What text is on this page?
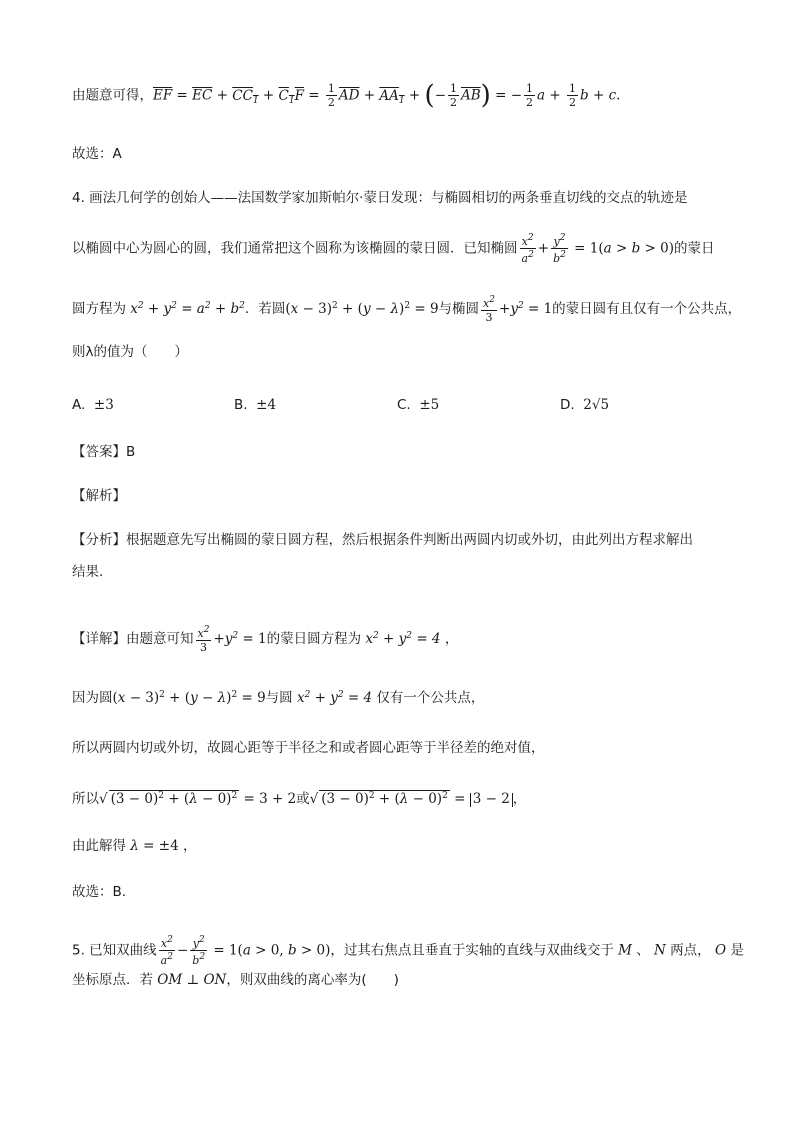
由题意可得，$\overline{EF} = \overline{EC} + CC_1 + C_1F = \frac{1}{2} \overline{AD} + AA_1$ + (− $\frac{1}{2} \overline{AB}$) = − $\frac{1}{2}$ $a + \frac{1}{2}$ b + c.
故选：A
4. 画法几何学的创始人——法国数学家加斯帕尔·蒙日发现：与椭圆相切的两条垂直切线的交点的轨迹是
以椭圆中心为圆心的圆，我们通常把这个圆称为该椭圆的蒙日圆．已知椭圆 $\frac{x^2}{a^2} + \frac{y^2}{b^2} = 1(a > b > 0)$的蒙日
圆方程为 $x^2 + y^2 = a^2 + b^2$．若圆$(x - 3)^2 + (y - \lambda)^2 = 9$与椭圆 $\frac{x^2}{3} +y^2 = 1$的蒙日圆有且仅有一个公共点，
则λ的值为（　　）
A. ±3	B. ±4	C. ±5	D. 2√5
【答案】B
【解析】
【分析】根据题意先写出椭圆的蒙日圆方程，然后根据条件判断出两圆内切或外切，由此列出方程求解出
结果.
【详解】由题意可知 $\frac{x^2}{3} +y^2 = 1$的蒙日圆方程为 $x^2 + y^2 = 4$ ，
因为圆$(x - 3)^2 + (y - \lambda)^2 = 9$与圆 $x^2 + y^2 = 4$ 仅有一个公共点，
所以两圆内切或外切，故圆心距等于半径之和或者圆心距等于半径差的绝对值，
所以√ $(3 - 0)^2 + (\lambda - 0)^2 = 3 + 2$或√ $(3 - 0)^2 + (\lambda - 0)^2 = 3 - 2$ ，
由此解得 λ = ±4 ，
故选：B.
5. 已知双曲线 $\frac{x^2}{a^2} - \frac{y^2}{b^2} = 1(a > 0$, b > 0)，过其右焦点且垂直于实轴的直线与双曲线交于 M 、 N 两点， O 是
坐标原点．若 OM ⊥ ON，则双曲线的离心率为(　　)
